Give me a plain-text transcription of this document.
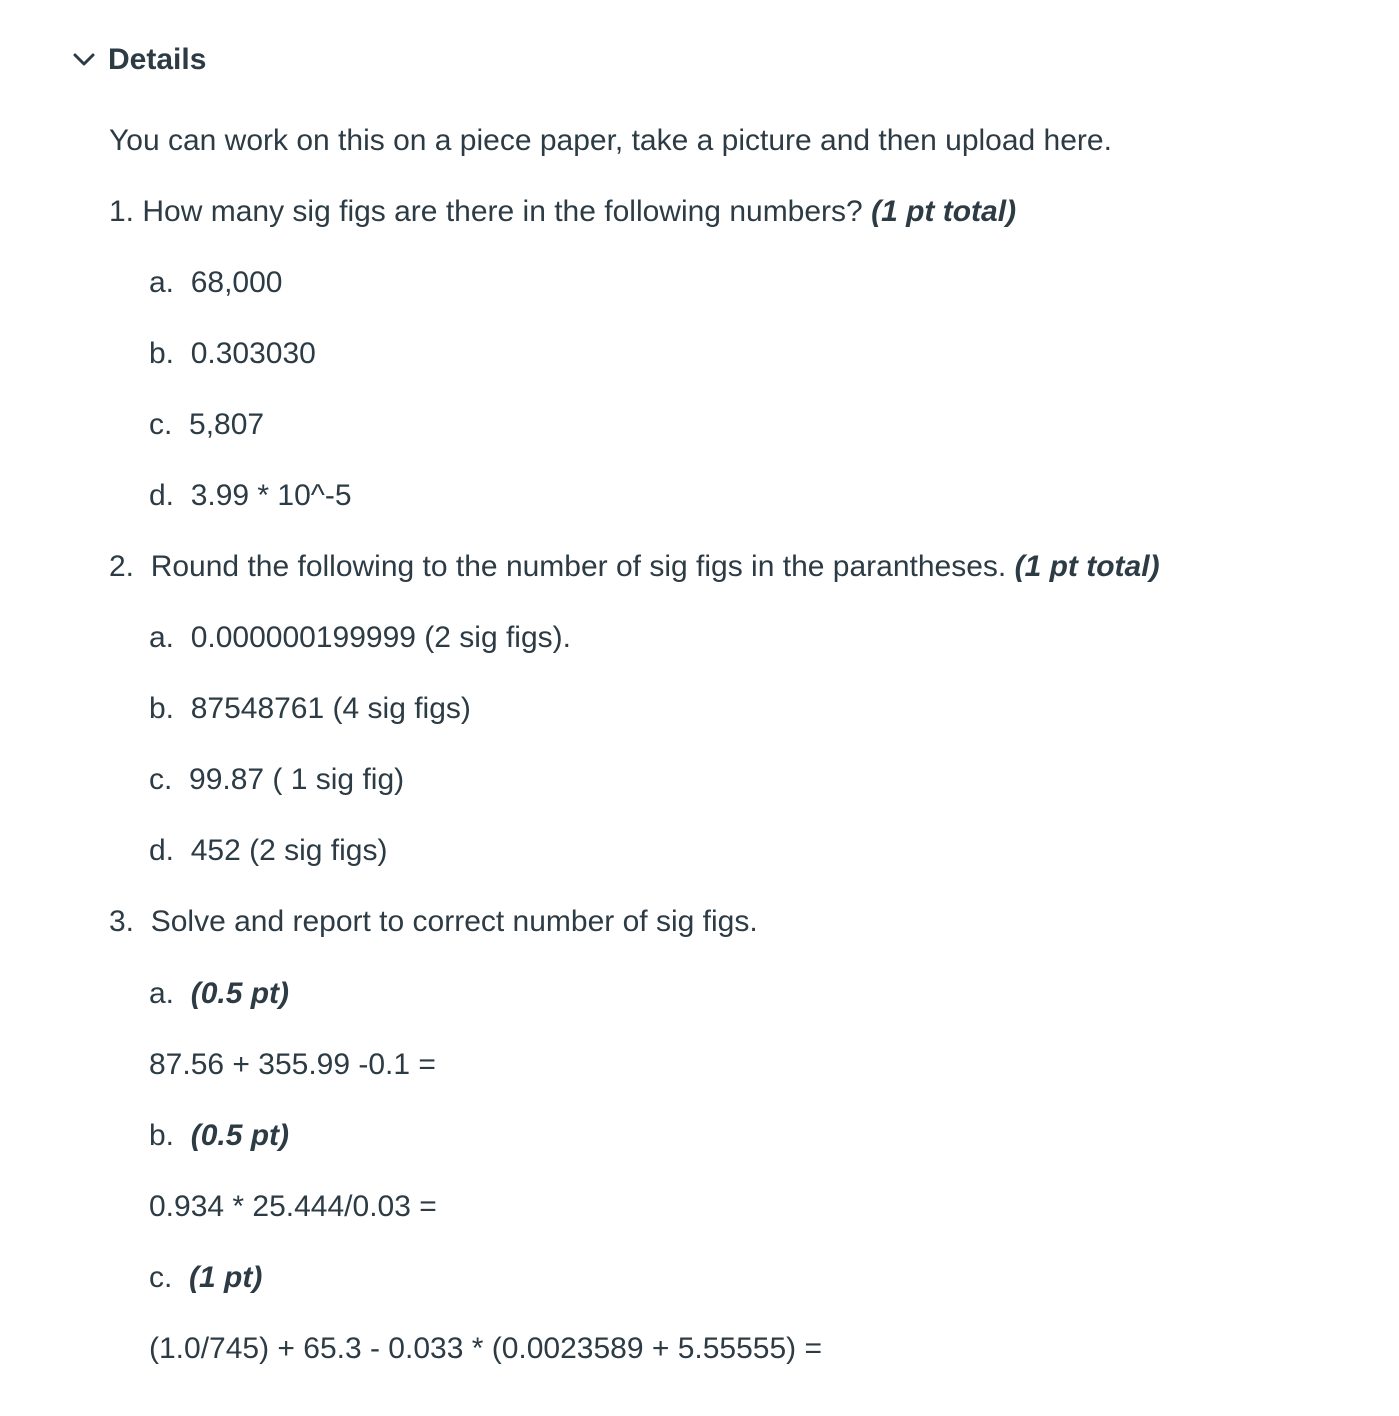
Details
You can work on this on a piece paper, take a picture and then upload here.
1. How many sig figs are there in the following numbers? (1 pt total)
a. 68,000
b. 0.303030
c. 5,807
d. 3.99 * 10^-5
2. Round the following to the number of sig figs in the parantheses. (1 pt total)
a. 0.000000199999 (2 sig figs).
b. 87548761 (4 sig figs)
c. 99.87 ( 1 sig fig)
d. 452 (2 sig figs)
3. Solve and report to correct number of sig figs.
a. (0.5 pt)
87.56 + 355.99 -0.1 =
b. (0.5 pt)
0.934 * 25.444/0.03 =
c. (1 pt)
(1.0/745) + 65.3 - 0.033 * (0.0023589 + 5.55555) =
